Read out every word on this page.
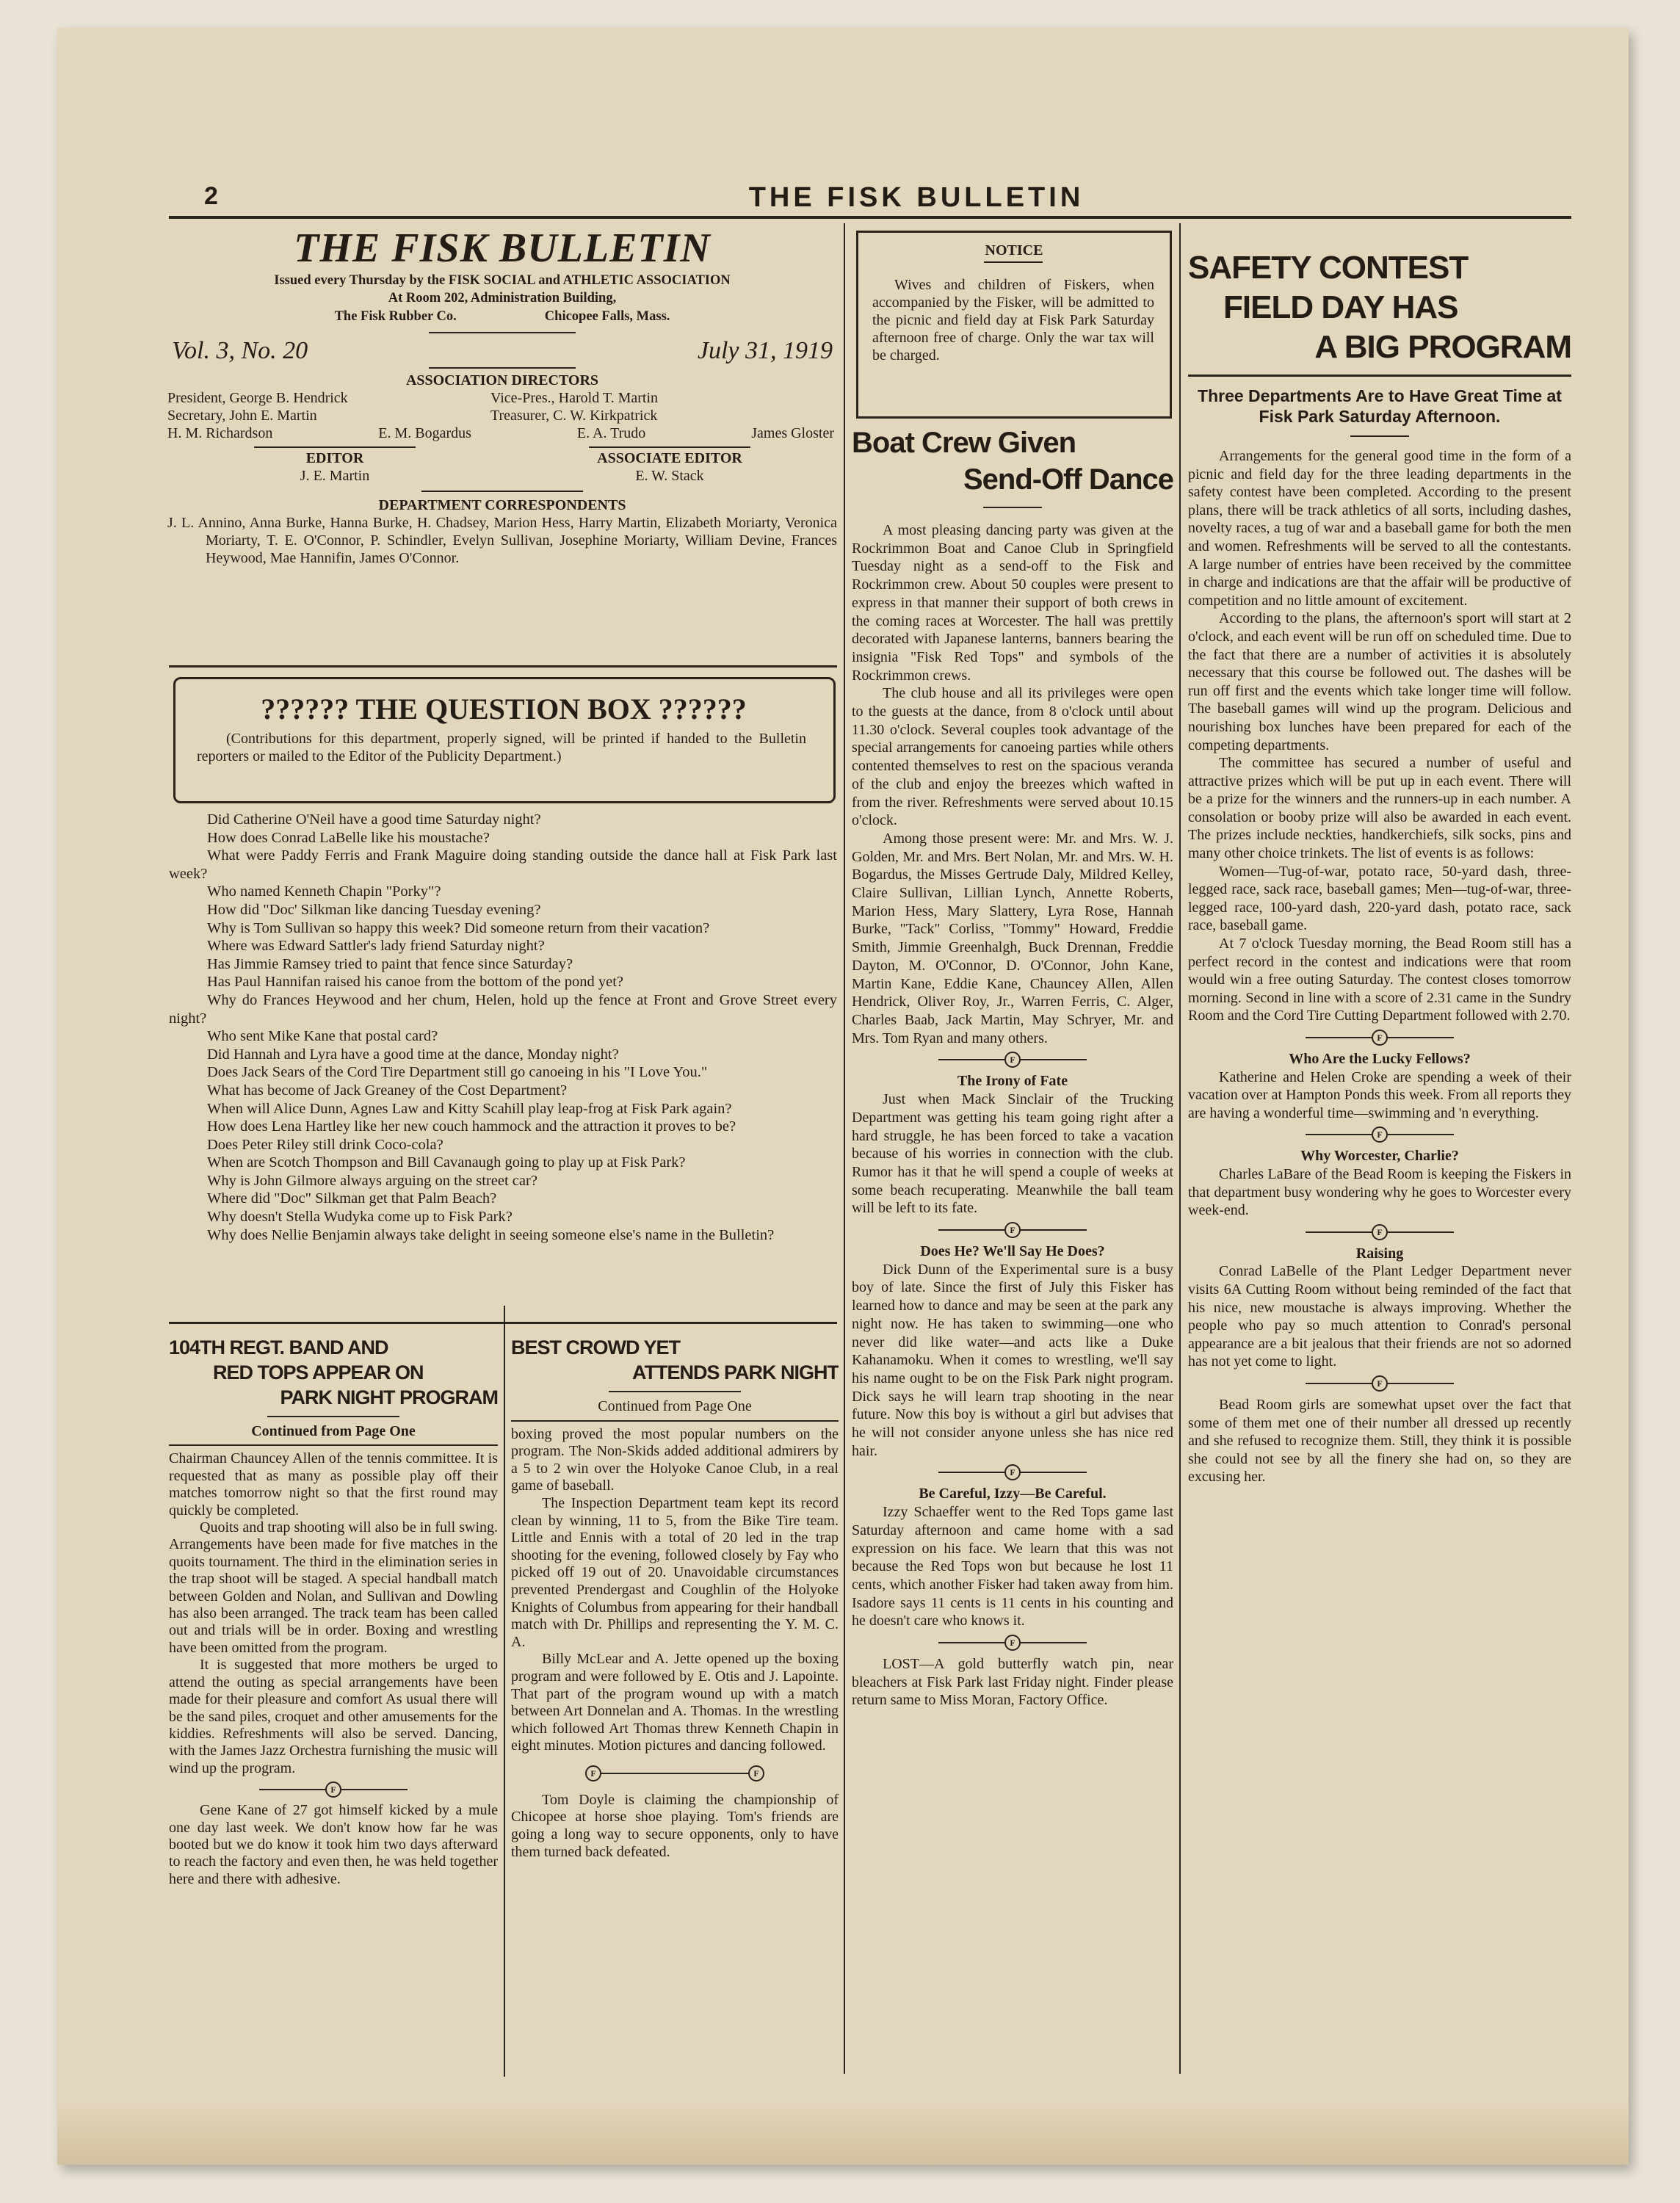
2	THE FISK BULLETIN
THE FISK BULLETIN
Issued every Thursday by the FISK SOCIAL and ATHLETIC ASSOCIATION
At Room 202, Administration Building,
The Fisk Rubber Co.	Chicopee Falls, Mass.
Vol. 3, No. 20	July 31, 1919
ASSOCIATION DIRECTORS
President, George B. Hendrick	Vice-Pres., Harold T. Martin
Secretary, John E. Martin	Treasurer, C. W. Kirkpatrick
H. M. Richardson	E. M. Bogardus	E. A. Trudo	James Gloster
EDITOR
J. E. Martin
ASSOCIATE EDITOR
E. W. Stack
DEPARTMENT CORRESPONDENTS
J. L. Annino, Anna Burke, Hanna Burke, H. Chadsey, Marion Hess, Harry Martin, Elizabeth Moriarty, Veronica Moriarty, T. E. O'Connor, P. Schindler, Evelyn Sullivan, Josephine Moriarty, William Devine, Frances Heywood, Mae Hannifin, James O'Connor.
?????? THE QUESTION BOX ??????
(Contributions for this department, properly signed, will be printed if handed to the Bulletin reporters or mailed to the Editor of the Publicity Department.)

Did Catherine O'Neil have a good time Saturday night?

How does Conrad LaBelle like his moustache?

What were Paddy Ferris and Frank Maguire doing standing outside the dance hall at Fisk Park last week?

Who named Kenneth Chapin "Porky"?

How did "Doc' Silkman like dancing Tuesday evening?

Why is Tom Sullivan so happy this week? Did someone return from their vacation?

Where was Edward Sattler's lady friend Saturday night?

Has Jimmie Ramsey tried to paint that fence since Saturday?

Has Paul Hannifan raised his canoe from the bottom of the pond yet?

Why do Frances Heywood and her chum, Helen, hold up the fence at Front and Grove Street every night?

Who sent Mike Kane that postal card?

Did Hannah and Lyra have a good time at the dance, Monday night?

Does Jack Sears of the Cord Tire Department still go canoeing in his "I Love You."

What has become of Jack Greaney of the Cost Department?

When will Alice Dunn, Agnes Law and Kitty Scahill play leap-frog at Fisk Park again?

How does Lena Hartley like her new couch hammock and the attraction it proves to be?

Does Peter Riley still drink Coco-cola?

When are Scotch Thompson and Bill Cavanaugh going to play up at Fisk Park?

Why is John Gilmore always arguing on the street car?

Where did "Doc" Silkman get that Palm Beach?

Why doesn't Stella Wudyka come up to Fisk Park?

Why does Nellie Benjamin always take delight in seeing someone else's name in the Bulletin?

104TH REGT. BAND AND
RED TOPS APPEAR ON
PARK NIGHT PROGRAM
Continued from Page One

Chairman Chauncey Allen of the tennis committee. It is requested that as many as possible play off their matches tomorrow night so that the first round may quickly be completed.

Quoits and trap shooting will also be in full swing. Arrangements have been made for five matches in the quoits tournament. The third in the elimination series in the trap shoot will be staged. A special handball match between Golden and Nolan, and Sullivan and Dowling has also been arranged. The track team has been called out and trials will be in order. Boxing and wrestling have been omitted from the program.

It is suggested that more mothers be urged to attend the outing as special arrangements have been made for their pleasure and comfort As usual there will be the sand piles, croquet and other amusements for the kiddies. Refreshments will also be served. Dancing, with the James Jazz Orchestra furnishing the music will wind up the program.

F

Gene Kane of 27 got himself kicked by a mule one day last week. We don't know how far he was booted but we do know it took him two days afterward to reach the factory and even then, he was held together here and there with adhesive.

BEST CROWD YET
ATTENDS PARK NIGHT
Continued from Page One

boxing proved the most popular numbers on the program. The Non-Skids added additional admirers by a 5 to 2 win over the Holyoke Canoe Club, in a real game of baseball.

The Inspection Department team kept its record clean by winning, 11 to 5, from the Bike Tire team. Little and Ennis with a total of 20 led in the trap shooting for the evening, followed closely by Fay who picked off 19 out of 20. Unavoidable circumstances prevented Prendergast and Coughlin of the Holyoke Knights of Columbus from appearing for their handball match with Dr. Phillips and representing the Y. M. C. A.

Billy McLear and A. Jette opened up the boxing program and were followed by E. Otis and J. Lapointe. That part of the program wound up with a match between Art Donnelan and A. Thomas. In the wrestling which followed Art Thomas threw Kenneth Chapin in eight minutes. Motion pictures and dancing followed.

F	F

Tom Doyle is claiming the championship of Chicopee at horse shoe playing. Tom's friends are going a long way to secure opponents, only to have them turned back defeated.

NOTICE
Wives and children of Fiskers, when accompanied by the Fisker, will be admitted to the picnic and field day at Fisk Park Saturday afternoon free of charge. Only the war tax will be charged.
Boat Crew Given
Send-Off Dance

A most pleasing dancing party was given at the Rockrimmon Boat and Canoe Club in Springfield Tuesday night as a send-off to the Fisk and Rockrimmon crew. About 50 couples were present to express in that manner their support of both crews in the coming races at Worcester. The hall was prettily decorated with Japanese lanterns, banners bearing the insignia "Fisk Red Tops" and symbols of the Rockrimmon crews.

The club house and all its privileges were open to the guests at the dance, from 8 o'clock until about 11.30 o'clock. Several couples took advantage of the special arrangements for canoeing parties while others contented themselves to rest on the spacious veranda of the club and enjoy the breezes which wafted in from the river. Refreshments were served about 10.15 o'clock.

Among those present were: Mr. and Mrs. W. J. Golden, Mr. and Mrs. Bert Nolan, Mr. and Mrs. W. H. Bogardus, the Misses Gertrude Daly, Mildred Kelley, Claire Sullivan, Lillian Lynch, Annette Roberts, Marion Hess, Mary Slattery, Lyra Rose, Hannah Burke, "Tack" Corliss, "Tommy" Howard, Freddie Smith, Jimmie Greenhalgh, Buck Drennan, Freddie Dayton, M. O'Connor, D. O'Connor, John Kane, Martin Kane, Eddie Kane, Chauncey Allen, Allen Hendrick, Oliver Roy, Jr., Warren Ferris, C. Alger, Charles Baab, Jack Martin, May Schryer, Mr. and Mrs. Tom Ryan and many others.

F
The Irony of Fate

Just when Mack Sinclair of the Trucking Department was getting his team going right after a hard struggle, he has been forced to take a vacation because of his worries in connection with the club. Rumor has it that he will spend a couple of weeks at some beach recuperating. Meanwhile the ball team will be left to its fate.

F
Does He? We'll Say He Does?

Dick Dunn of the Experimental sure is a busy boy of late. Since the first of July this Fisker has learned how to dance and may be seen at the park any night now. He has taken to swimming—one who never did like water—and acts like a Duke Kahanamoku. When it comes to wrestling, we'll say his name ought to be on the Fisk Park night program. Dick says he will learn trap shooting in the near future. Now this boy is without a girl but advises that he will not consider anyone unless she has nice red hair.

F
Be Careful, Izzy—Be Careful.

Izzy Schaeffer went to the Red Tops game last Saturday afternoon and came home with a sad expression on his face. We learn that this was not because the Red Tops won but because he lost 11 cents, which another Fisker had taken away from him. Isadore says 11 cents is 11 cents in his counting and he doesn't care who knows it.

F

LOST—A gold butterfly watch pin, near bleachers at Fisk Park last Friday night. Finder please return same to Miss Moran, Factory Office.

SAFETY CONTEST
FIELD DAY HAS
A BIG PROGRAM
Three Departments Are to Have Great Time at Fisk Park Saturday Afternoon.

Arrangements for the general good time in the form of a picnic and field day for the three leading departments in the safety contest have been completed. According to the present plans, there will be track athletics of all sorts, including dashes, novelty races, a tug of war and a baseball game for both the men and women. Refreshments will be served to all the contestants. A large number of entries have been received by the committee in charge and indications are that the affair will be productive of competition and no little amount of excitement.

According to the plans, the afternoon's sport will start at 2 o'clock, and each event will be run off on scheduled time. Due to the fact that there are a number of activities it is absolutely necessary that this course be followed out. The dashes will be run off first and the events which take longer time will follow. The baseball games will wind up the program. Delicious and nourishing box lunches have been prepared for each of the competing departments.

The committee has secured a number of useful and attractive prizes which will be put up in each event. There will be a prize for the winners and the runners-up in each number. A consolation or booby prize will also be awarded in each event. The prizes include neckties, handkerchiefs, silk socks, pins and many other choice trinkets. The list of events is as follows:

Women—Tug-of-war, potato race, 50-yard dash, three-legged race, sack race, baseball games; Men—tug-of-war, three-legged race, 100-yard dash, 220-yard dash, potato race, sack race, baseball game.

At 7 o'clock Tuesday morning, the Bead Room still has a perfect record in the contest and indications were that room would win a free outing Saturday. The contest closes tomorrow morning. Second in line with a score of 2.31 came in the Sundry Room and the Cord Tire Cutting Department followed with 2.70.

F
Who Are the Lucky Fellows?

Katherine and Helen Croke are spending a week of their vacation over at Hampton Ponds this week. From all reports they are having a wonderful time—swimming and 'n everything.

F
Why Worcester, Charlie?

Charles LaBare of the Bead Room is keeping the Fiskers in that department busy wondering why he goes to Worcester every week-end.

F
Raising

Conrad LaBelle of the Plant Ledger Department never visits 6A Cutting Room without being reminded of the fact that his nice, new moustache is always improving. Whether the people who pay so much attention to Conrad's personal appearance are a bit jealous that their friends are not so adorned has not yet come to light.

F

Bead Room girls are somewhat upset over the fact that some of them met one of their number all dressed up recently and she refused to recognize them. Still, they think it is possible she could not see by all the finery she had on, so they are excusing her.
